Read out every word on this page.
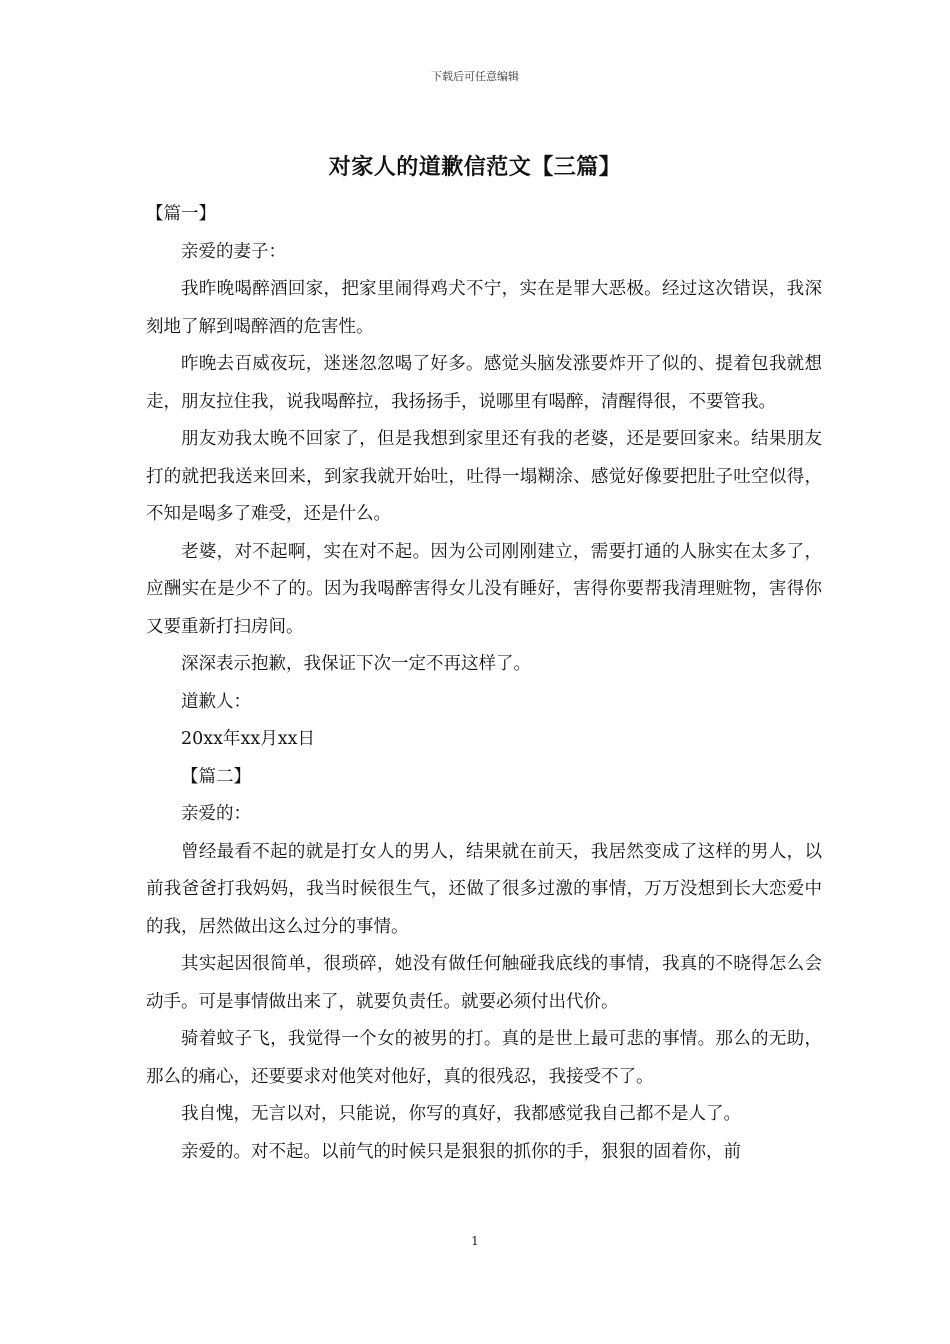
下载后可任意编辑
对家人的道歉信范文【三篇】

【篇一】

亲爱的妻子：

我昨晚喝醉酒回家，把家里闹得鸡犬不宁，实在是罪大恶极。经过这次错误，我深刻地了解到喝醉酒的危害性。

昨晚去百威夜玩，迷迷忽忽喝了好多。感觉头脑发涨要炸开了似的、提着包我就想走，朋友拉住我，说我喝醉拉，我扬扬手，说哪里有喝醉，清醒得很，不要管我。

朋友劝我太晚不回家了，但是我想到家里还有我的老婆，还是要回家来。结果朋友打的就把我送来回来，到家我就开始吐，吐得一塌糊涂、感觉好像要把肚子吐空似得，不知是喝多了难受，还是什么。

老婆，对不起啊，实在对不起。因为公司刚刚建立，需要打通的人脉实在太多了，应酬实在是少不了的。因为我喝醉害得女儿没有睡好，害得你要帮我清理赃物，害得你又要重新打扫房间。

深深表示抱歉，我保证下次一定不再这样了。

道歉人：

20xx年xx月xx日

【篇二】

亲爱的：

曾经最看不起的就是打女人的男人，结果就在前天，我居然变成了这样的男人，以前我爸爸打我妈妈，我当时候很生气，还做了很多过激的事情，万万没想到长大恋爱中的我，居然做出这么过分的事情。

其实起因很简单，很琐碎，她没有做任何触碰我底线的事情，我真的不晓得怎么会动手。可是事情做出来了，就要负责任。就要必须付出代价。

骑着蚊子飞，我觉得一个女的被男的打。真的是世上最可悲的事情。那么的无助，那么的痛心，还要要求对他笑对他好，真的很残忍，我接受不了。

我自愧，无言以对，只能说，你写的真好，我都感觉我自己都不是人了。

亲爱的。对不起。以前气的时候只是狠狠的抓你的手，狠狠的固着你，前

1
